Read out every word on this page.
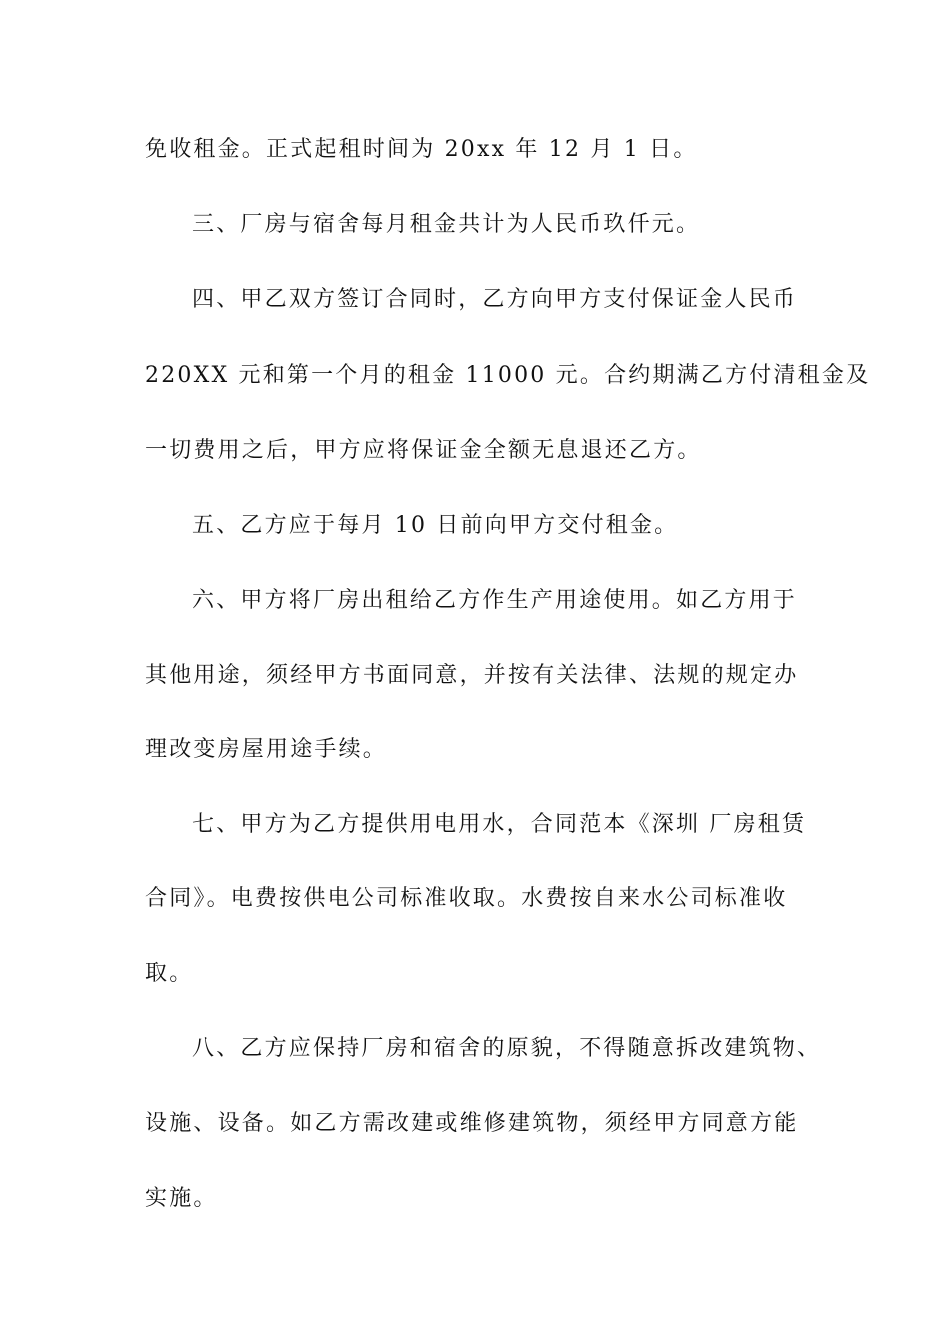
免收租金。正式起租时间为 20xx 年 12 月 1 日。
三、厂房与宿舍每月租金共计为人民币玖仟元。
四、甲乙双方签订合同时，乙方向甲方支付保证金人民币
220XX 元和第一个月的租金 11000 元。合约期满乙方付清租金及
一切费用之后，甲方应将保证金全额无息退还乙方。
五、乙方应于每月 10 日前向甲方交付租金。
六、甲方将厂房出租给乙方作生产用途使用。如乙方用于
其他用途，须经甲方书面同意，并按有关法律、法规的规定办
理改变房屋用途手续。
七、甲方为乙方提供用电用水，合同范本《深圳 厂房租赁
合同》。电费按供电公司标准收取。水费按自来水公司标准收
取。
八、乙方应保持厂房和宿舍的原貌，不得随意拆改建筑物、
设施、设备。如乙方需改建或维修建筑物，须经甲方同意方能
实施。
